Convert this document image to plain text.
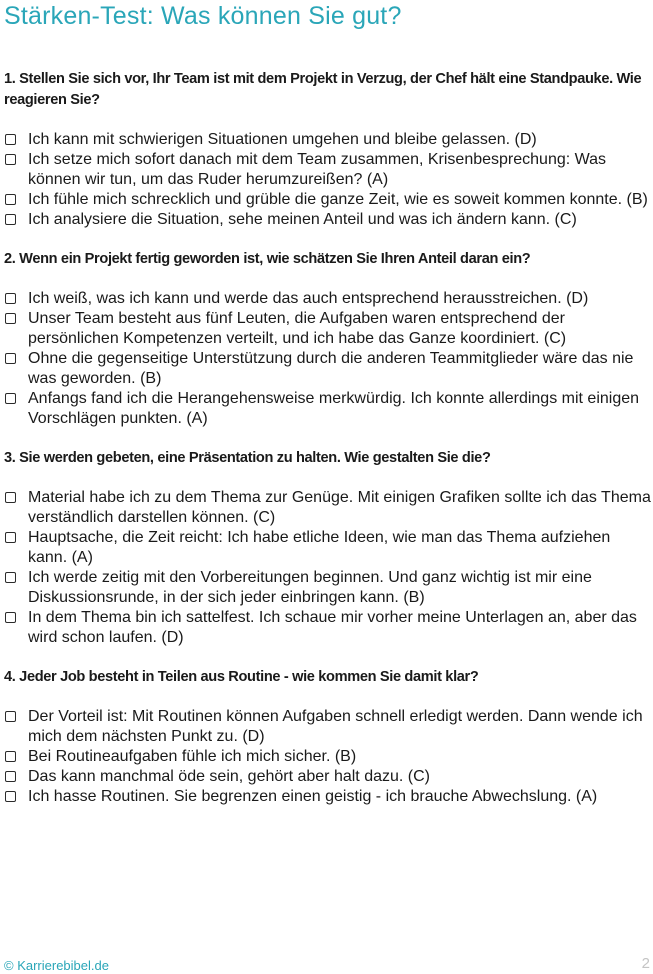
Stärken-Test: Was können Sie gut?

1. Stellen Sie sich vor, Ihr Team ist mit dem Projekt in Verzug, der Chef hält eine Standpauke. Wie reagieren Sie?

Ich kann mit schwierigen Situationen umgehen und bleibe gelassen. (D)
Ich setze mich sofort danach mit dem Team zusammen, Krisenbesprechung: Was können wir tun, um das Ruder herumzureißen? (A)
Ich fühle mich schrecklich und grüble die ganze Zeit, wie es soweit kommen konnte. (B)
Ich analysiere die Situation, sehe meinen Anteil und was ich ändern kann. (C)

2. Wenn ein Projekt fertig geworden ist, wie schätzen Sie Ihren Anteil daran ein?

Ich weiß, was ich kann und werde das auch entsprechend herausstreichen. (D)
Unser Team besteht aus fünf Leuten, die Aufgaben waren entsprechend der persönlichen Kompetenzen verteilt, und ich habe das Ganze koordiniert. (C)
Ohne die gegenseitige Unterstützung durch die anderen Teammitglieder wäre das nie was geworden. (B)
Anfangs fand ich die Herangehensweise merkwürdig. Ich konnte allerdings mit einigen Vorschlägen punkten. (A)

3. Sie werden gebeten, eine Präsentation zu halten. Wie gestalten Sie die?

Material habe ich zu dem Thema zur Genüge. Mit einigen Grafiken sollte ich das Thema verständlich darstellen können. (C)
Hauptsache, die Zeit reicht: Ich habe etliche Ideen, wie man das Thema aufziehen kann. (A)
Ich werde zeitig mit den Vorbereitungen beginnen. Und ganz wichtig ist mir eine Diskussionsrunde, in der sich jeder einbringen kann. (B)
In dem Thema bin ich sattelfest. Ich schaue mir vorher meine Unterlagen an, aber das wird schon laufen. (D)

4. Jeder Job besteht in Teilen aus Routine - wie kommen Sie damit klar?

Der Vorteil ist: Mit Routinen können Aufgaben schnell erledigt werden. Dann wende ich mich dem nächsten Punkt zu. (D)
Bei Routineaufgaben fühle ich mich sicher. (B)
Das kann manchmal öde sein, gehört aber halt dazu. (C)
Ich hasse Routinen. Sie begrenzen einen geistig - ich brauche Abwechslung. (A)
© Karrierebibel.de	2
